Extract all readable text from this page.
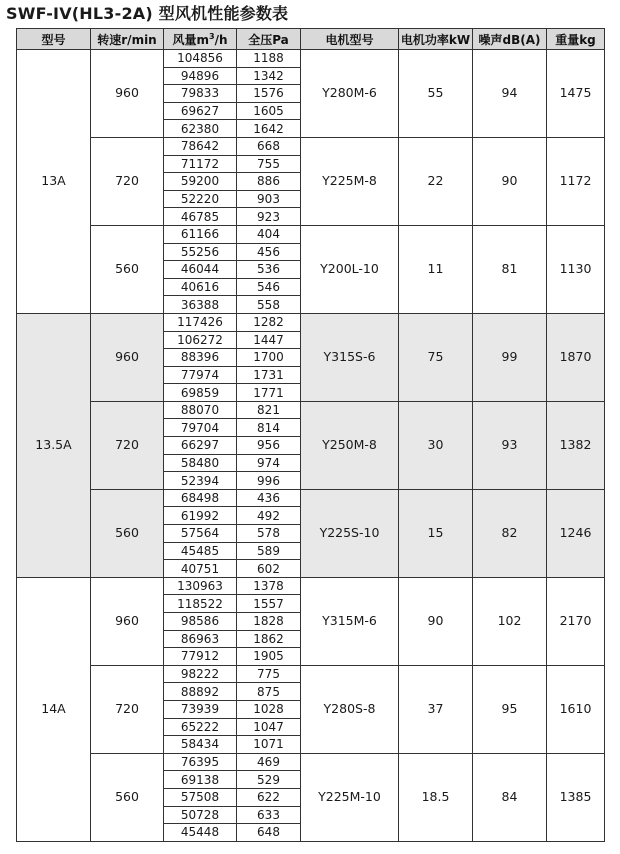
SWF-IV(HL3-2A) 型风机性能参数表
型号	转速r/min	风量$m^3/h$	全压Pa	电机型号	电机功率kW	噪声dB(A)	重量kg
13A	960	104856	1188	Y280M-6	55	94	1475
		94896	1342				
		79833	1576				
		69627	1605				
		62380	1642				
	720	78642	668	Y225M-8	22	90	1172
		71172	755				
		59200	886				
		52220	903				
		46785	923				
	560	61166	404	Y200L-10	11	81	1130
		55256	456				
		46044	536				
		40616	546				
		36388	558				
13.5A	960	117426	1282	Y315S-6	75	99	1870
		106272	1447				
		88396	1700				
		77974	1731				
		69859	1771				
	720	88070	821	Y250M-8	30	93	1382
		79704	814				
		66297	956				
		58480	974				
		52394	996				
	560	68498	436	Y225S-10	15	82	1246
		61992	492				
		57564	578				
		45485	589				
		40751	602				
14A	960	130963	1378	Y315M-6	90	102	2170
		118522	1557				
		98586	1828				
		86963	1862				
		77912	1905				
	720	98222	775	Y280S-8	37	95	1610
		88892	875				
		73939	1028				
		65222	1047				
		58434	1071				
	560	76395	469	Y225M-10	18.5	84	1385
		69138	529				
		57508	622				
		50728	633				
		45448	648				
